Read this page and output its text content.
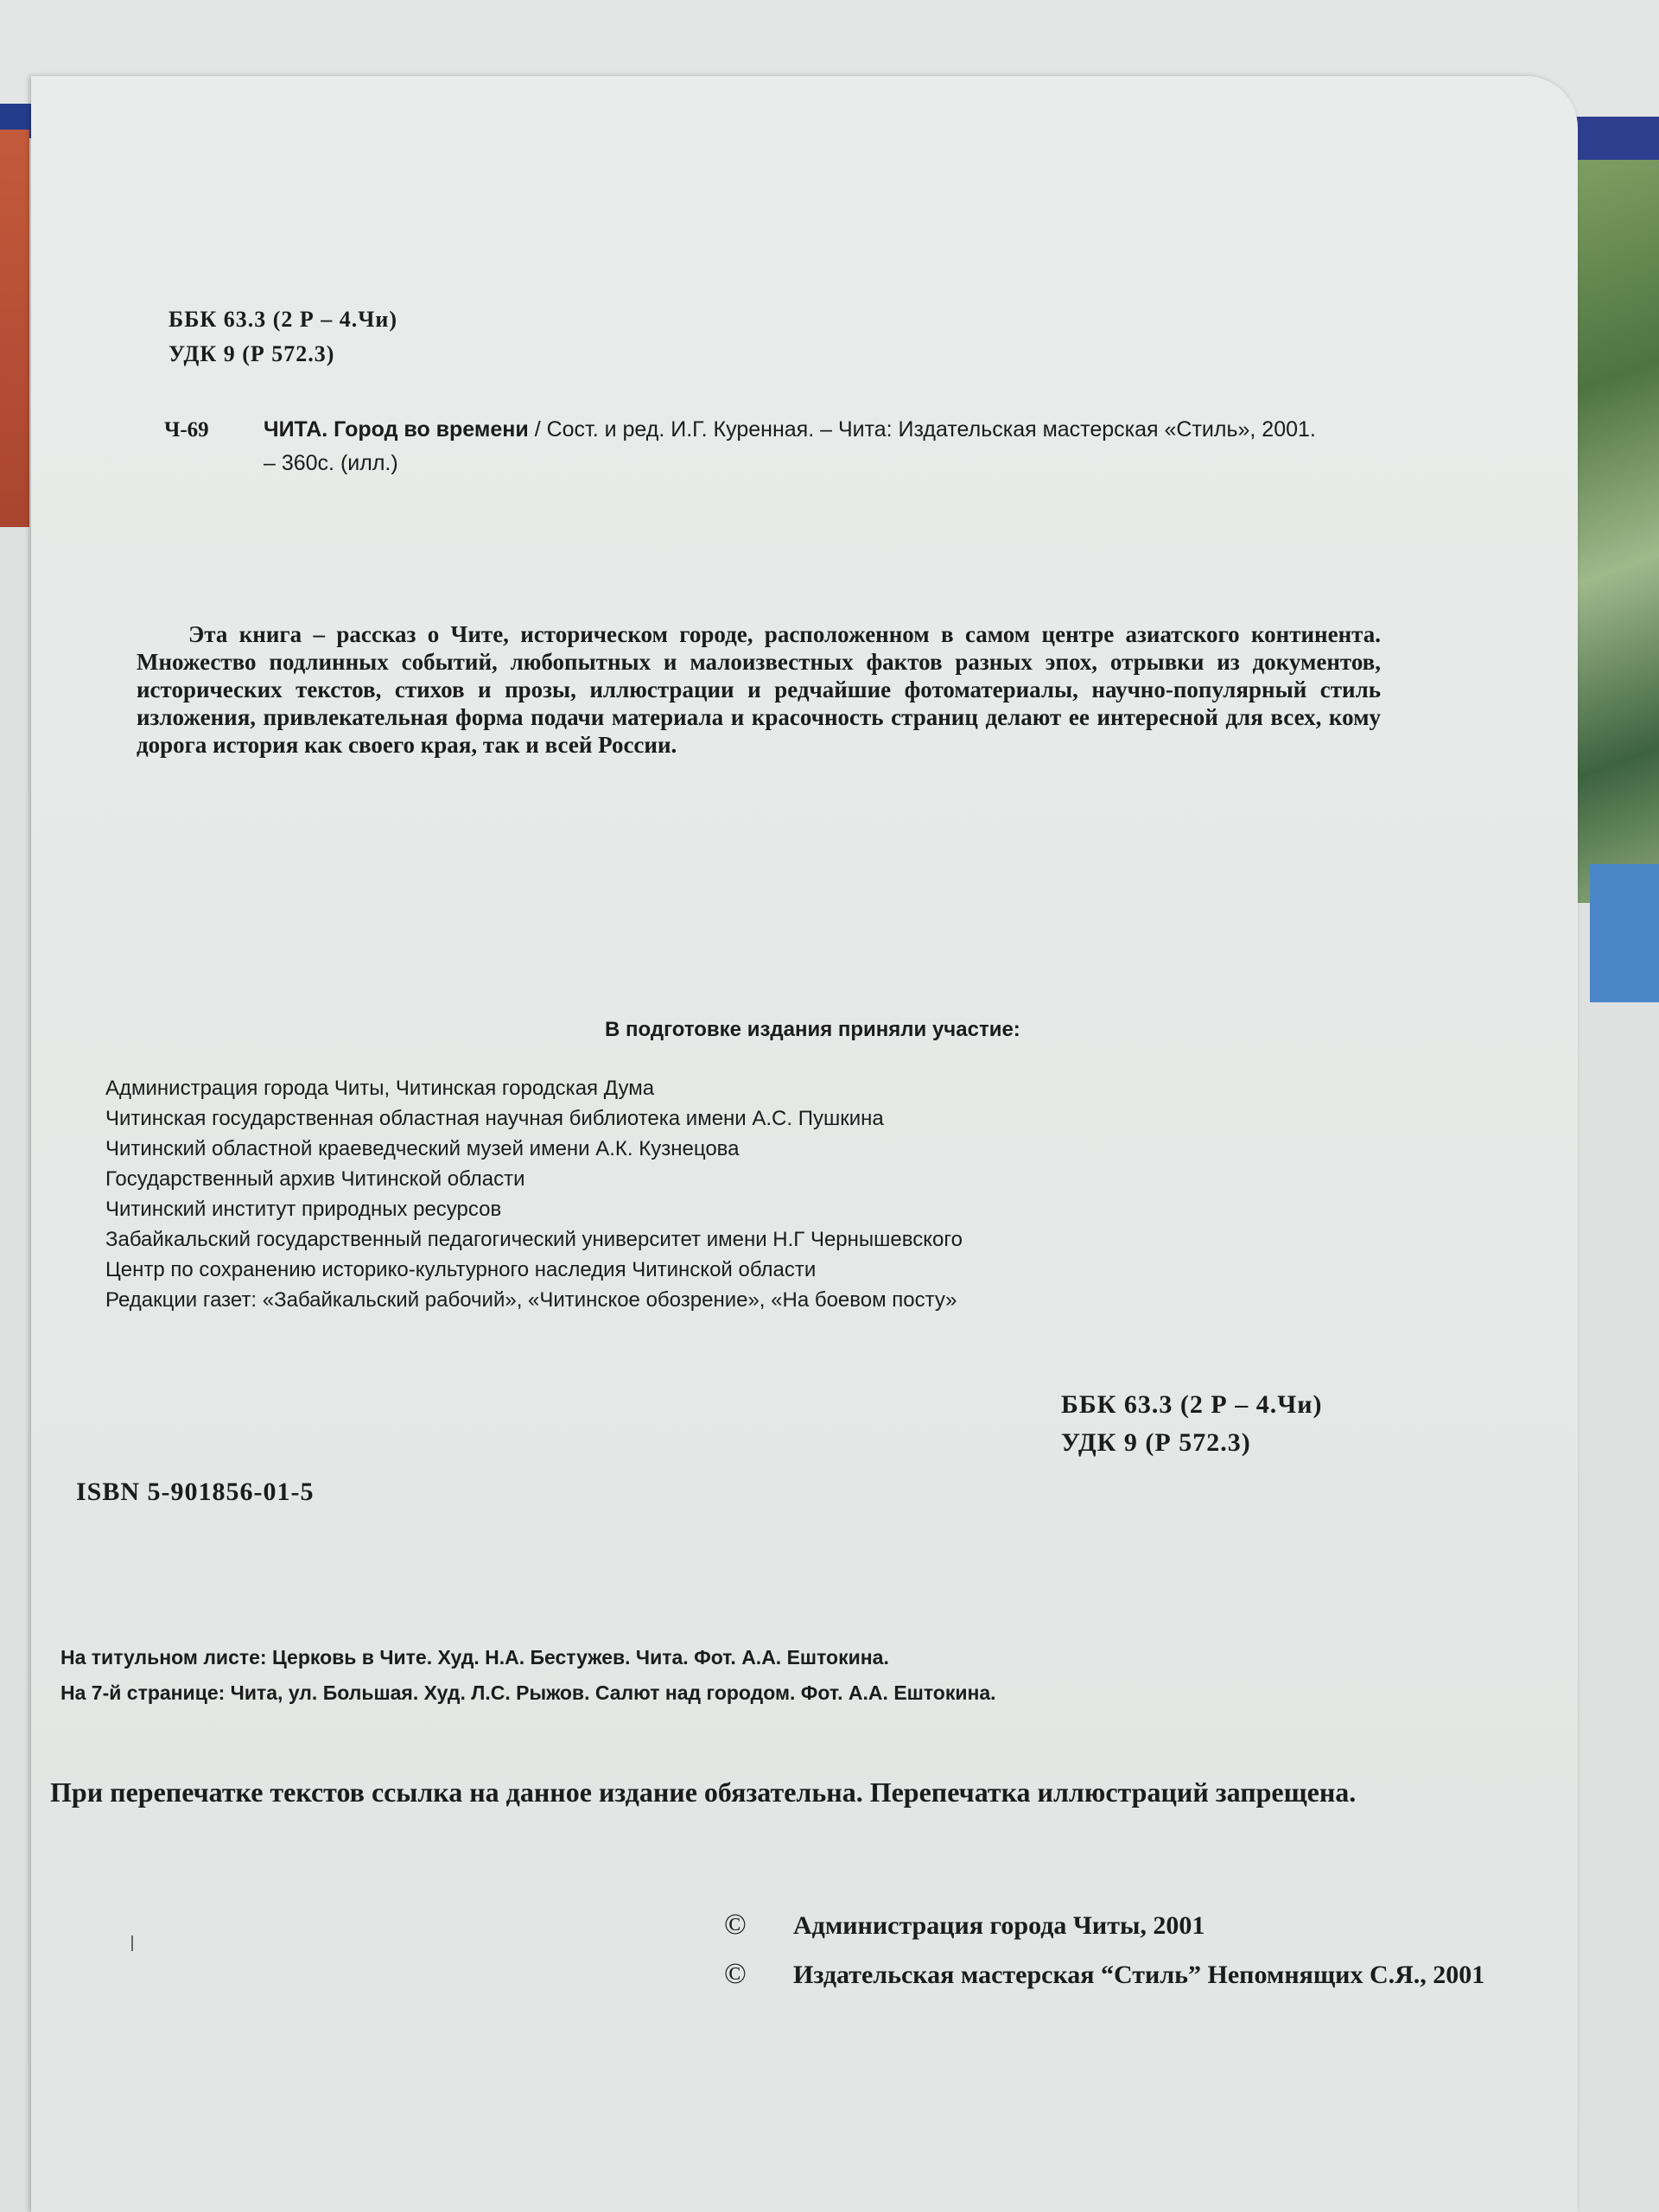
ББК 63.3 (2 Р – 4.Чи)
УДК 9 (Р 572.3)
Ч-69	ЧИТА. Город во времени / Сост. и ред. И.Г. Куренная. – Чита: Издательская мастерская «Стиль», 2001.
– 360с. (илл.)
Эта книга – рассказ о Чите, историческом городе, расположенном в самом центре азиатского континента. Множество подлинных событий, любопытных и малоизвестных фактов разных эпох, отрывки из документов, исторических текстов, стихов и прозы, иллюстрации и редчайшие фотоматериалы, научно-популярный стиль изложения, привлекательная форма подачи материала и красочность страниц делают ее интересной для всех, кому дорога история как своего края, так и всей России.
В подготовке издания приняли участие:
Администрация города Читы, Читинская городская Дума
Читинская государственная областная научная библиотека имени А.С. Пушкина
Читинский областной краеведческий музей имени А.К. Кузнецова
Государственный архив Читинской области
Читинский институт природных ресурсов
Забайкальский государственный педагогический университет имени Н.Г Чернышевского
Центр по сохранению историко-культурного наследия Читинской области
Редакции газет: «Забайкальский рабочий», «Читинское обозрение», «На боевом посту»
ББК 63.3 (2 Р – 4.Чи)
УДК 9 (Р 572.3)
ISBN 5-901856-01-5
На титульном листе: Церковь в Чите. Худ. Н.А. Бестужев. Чита. Фот. А.А. Ештокина.
На 7-й странице: Чита, ул. Большая. Худ. Л.С. Рыжов. Салют над городом. Фот. А.А. Ештокина.
При перепечатке текстов ссылка на данное издание обязательна. Перепечатка иллюстраций запрещена.
© Администрация города Читы, 2001
© Издательская мастерская “Стиль” Непомнящих С.Я., 2001
